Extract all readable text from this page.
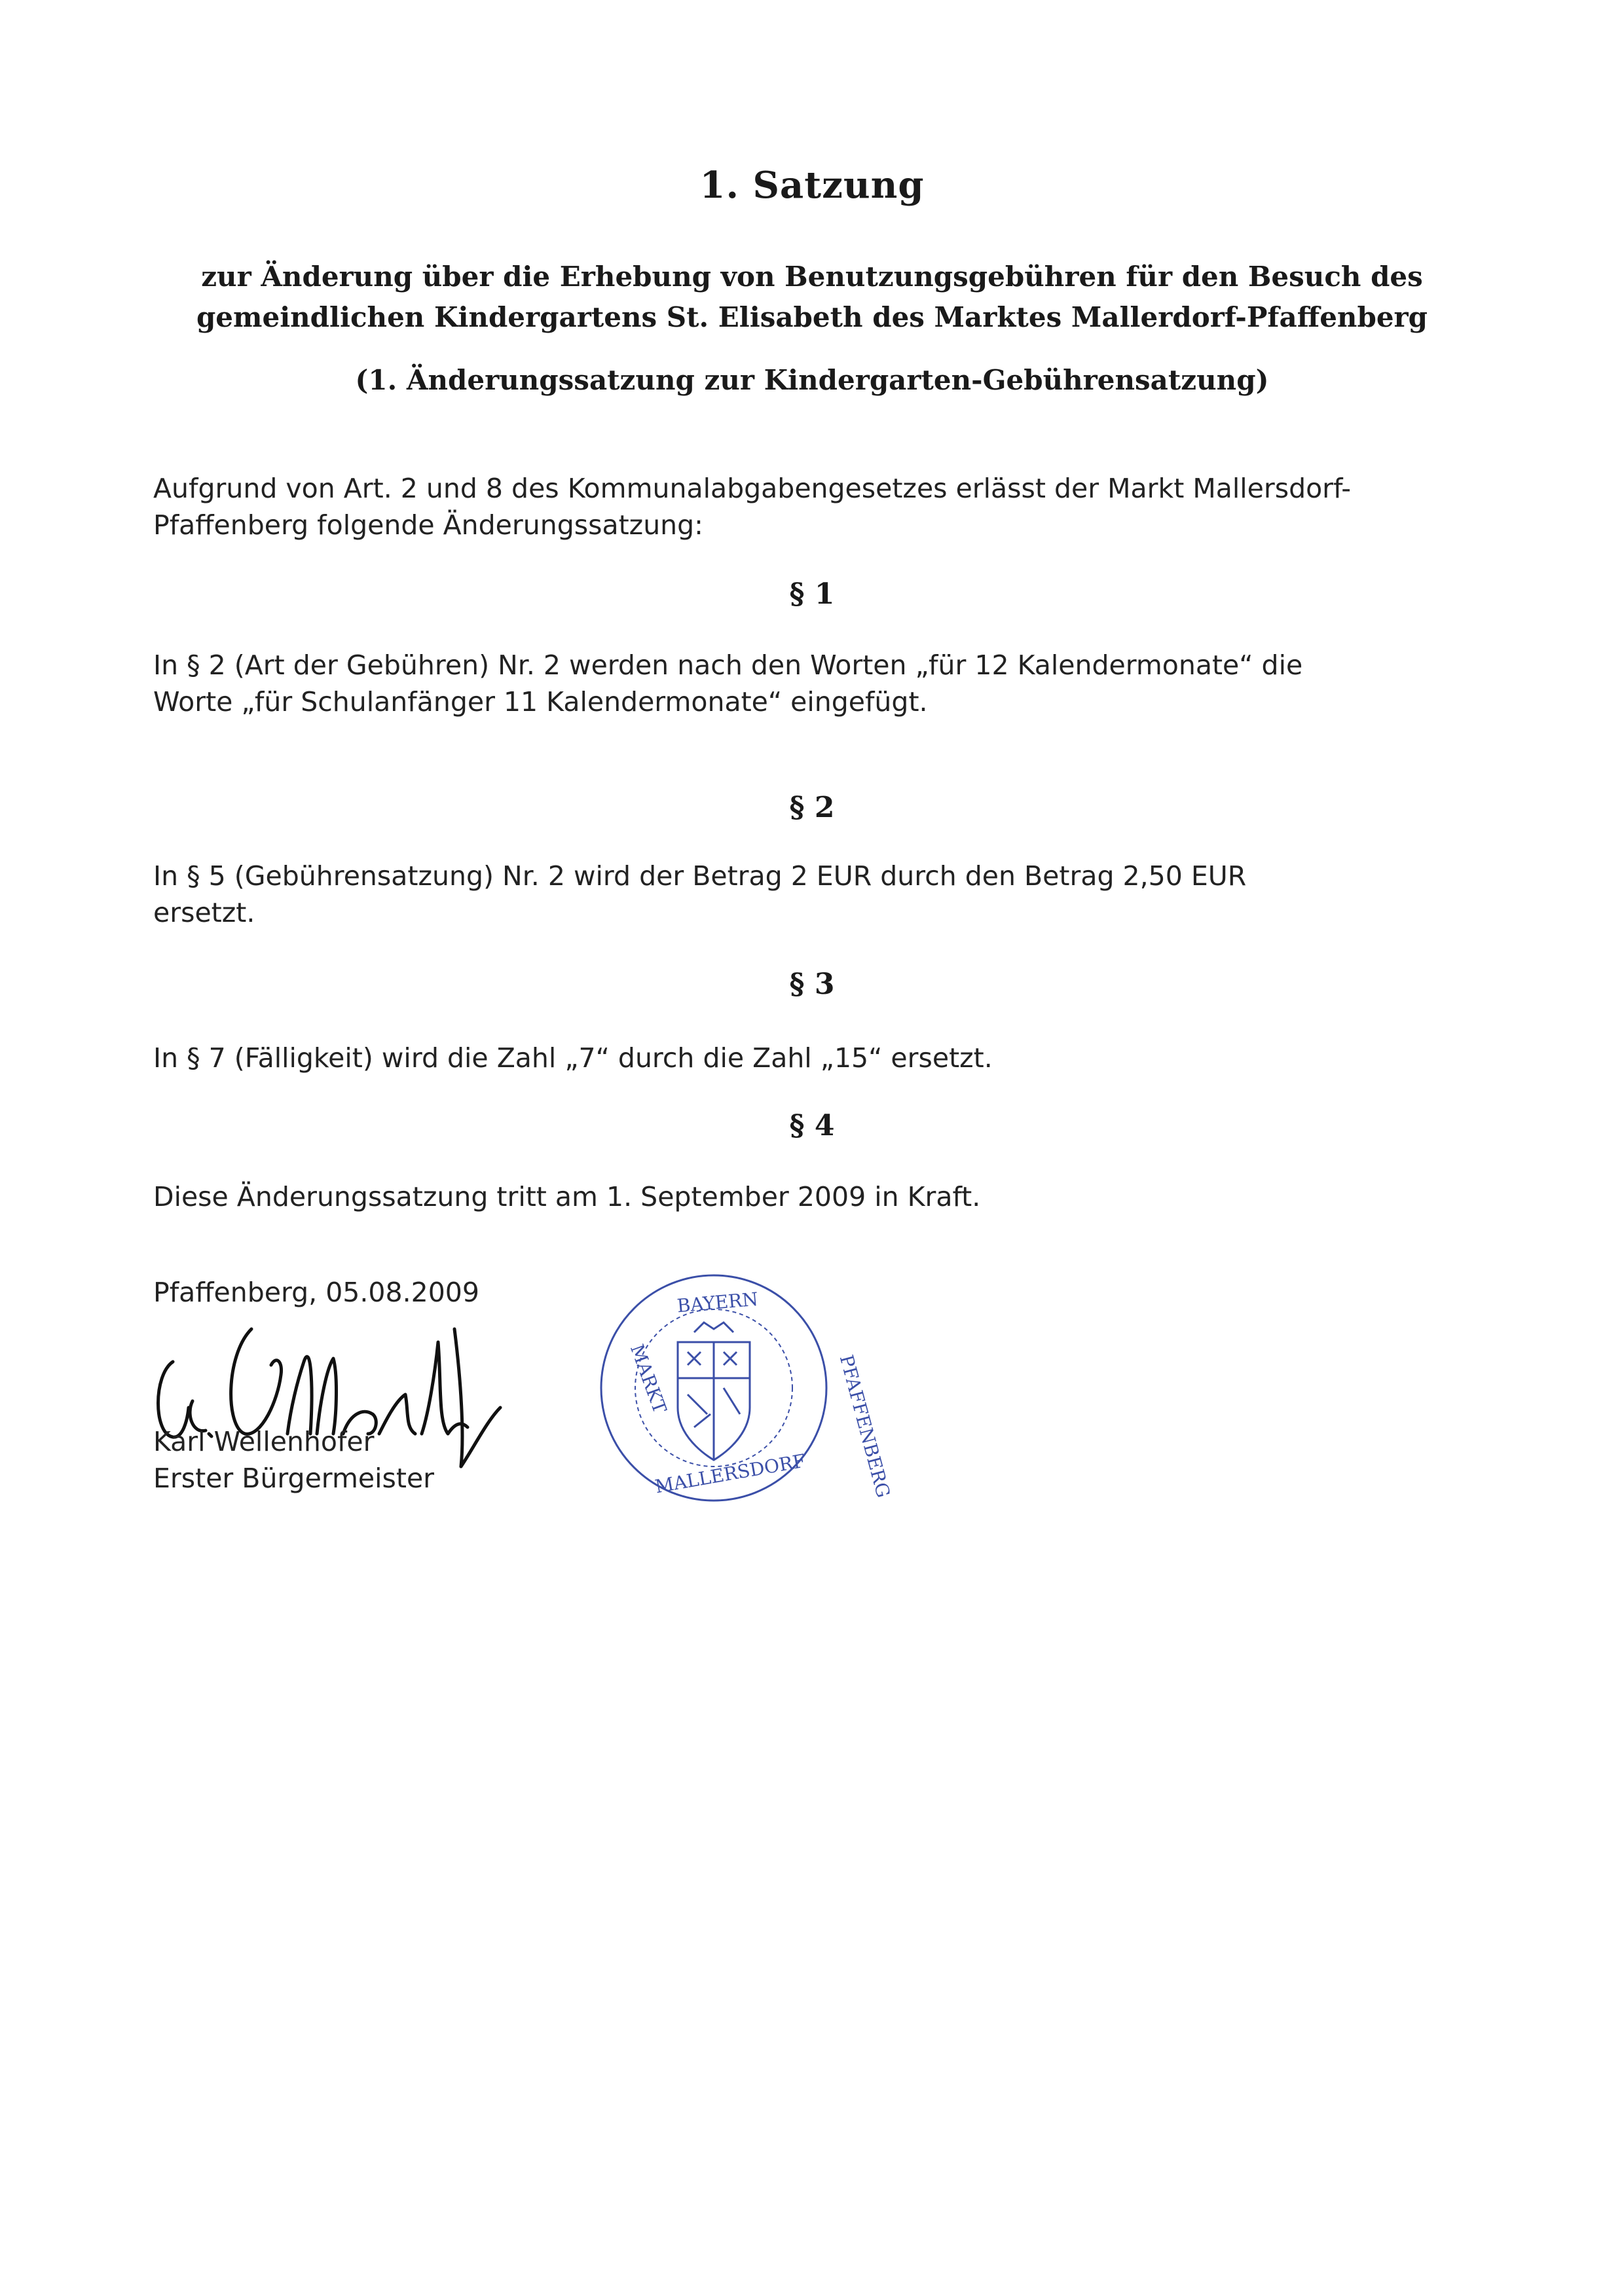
1. Satzung
zur Änderung über die Erhebung von Benutzungsgebühren für den Besuch des
gemeindlichen Kindergartens St. Elisabeth des Marktes Mallerdorf-Pfaffenberg
(1. Änderungssatzung zur Kindergarten-Gebührensatzung)
Aufgrund von Art. 2 und 8 des Kommunalabgabengesetzes erlässt der Markt Mallersdorf-
Pfaffenberg folgende Änderungssatzung:
§ 1
In § 2 (Art der Gebühren) Nr. 2 werden nach den Worten „für 12 Kalendermonate“ die
Worte „für Schulanfänger 11 Kalendermonate“ eingefügt.
§ 2
In § 5 (Gebührensatzung) Nr. 2 wird der Betrag 2 EUR durch den Betrag 2,50 EUR
ersetzt.
§ 3
In § 7 (Fälligkeit) wird die Zahl „7“ durch die Zahl „15“ ersetzt.
§ 4
Diese Änderungssatzung tritt am 1. September 2009 in Kraft.
Pfaffenberg, 05.08.2009
Karl Wellenhofer
Erster Bürgermeister
BAYERN
MARKT
MALLERSDORF PFAFFENBERG
